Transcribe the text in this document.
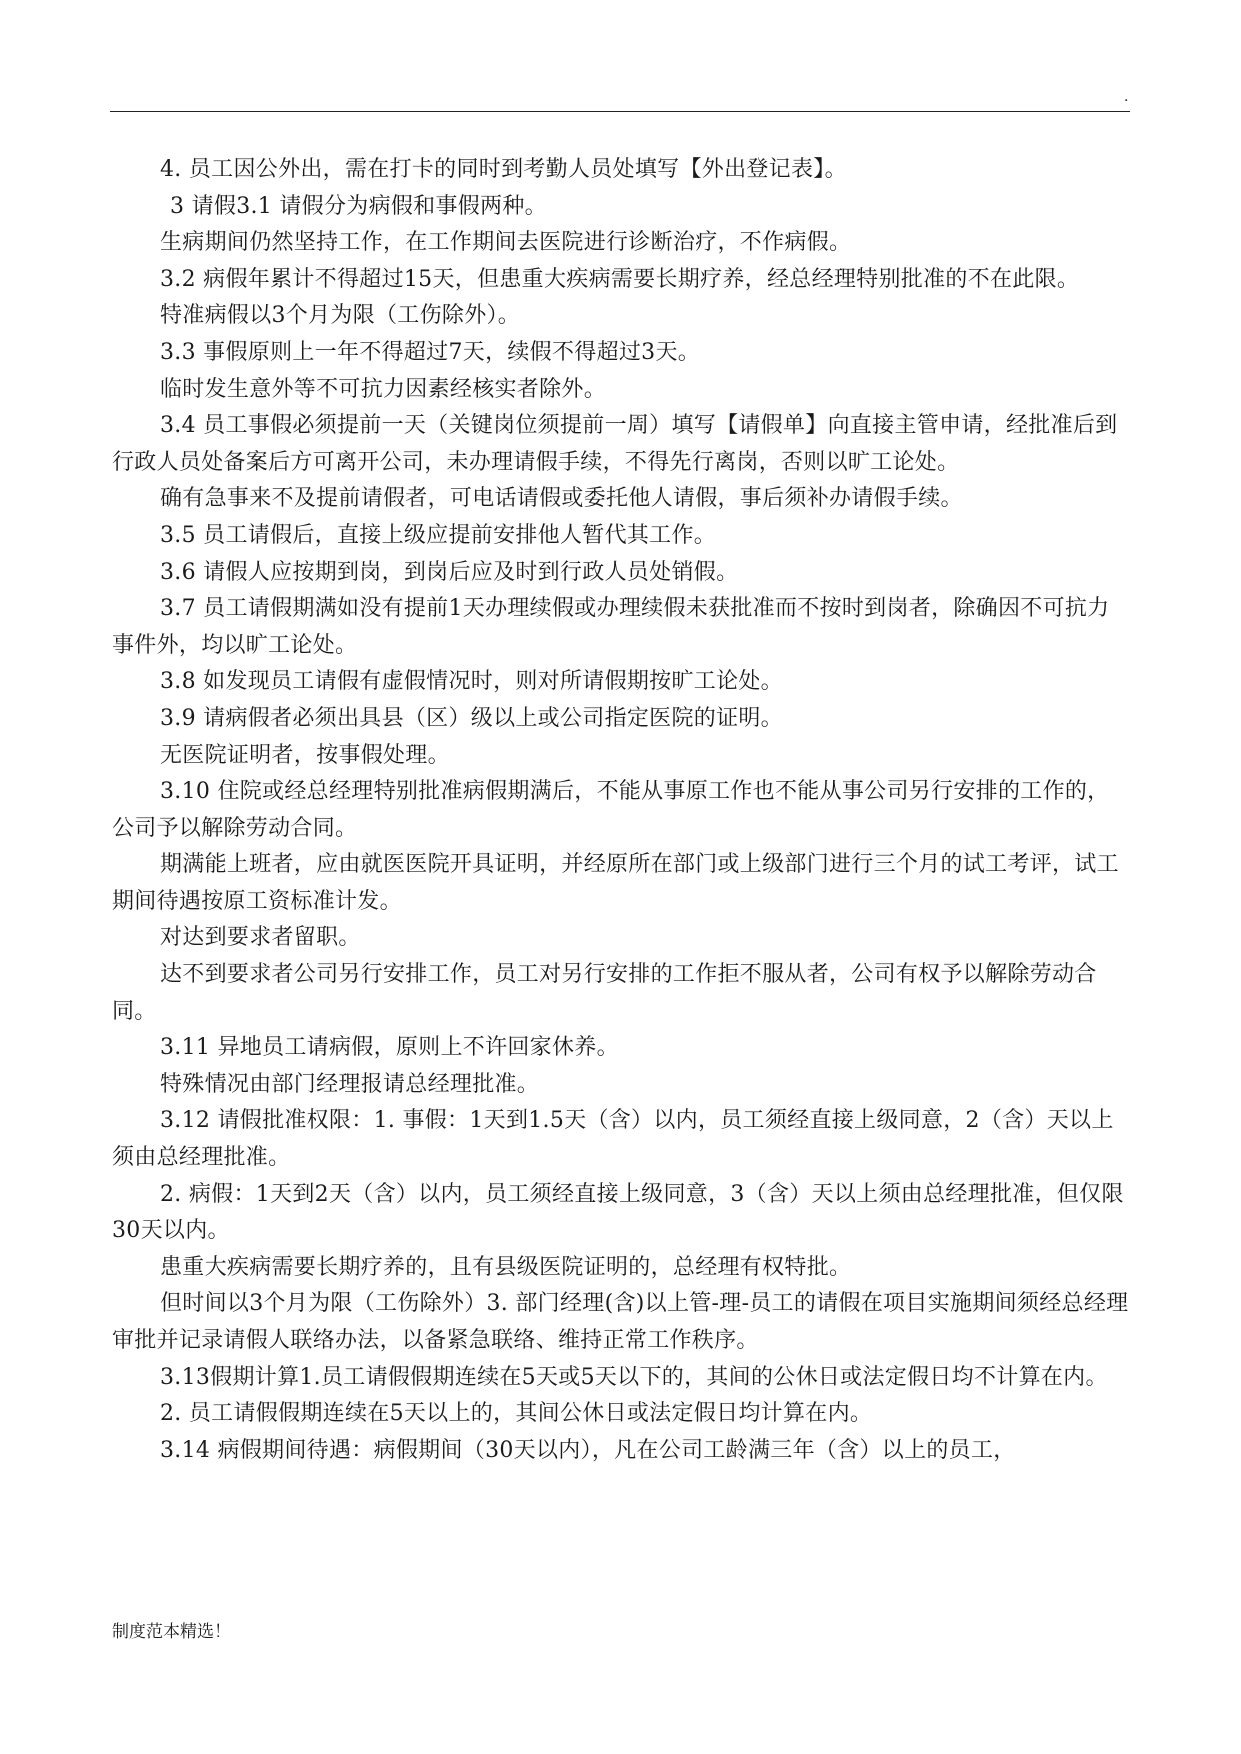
.

4. 员工因公外出，需在打卡的同时到考勤人员处填写【外出登记表】。

3 请假3.1 请假分为病假和事假两种。

生病期间仍然坚持工作，在工作期间去医院进行诊断治疗，不作病假。

3.2 病假年累计不得超过15天，但患重大疾病需要长期疗养，经总经理特别批准的不在此限。

特准病假以3个月为限（工伤除外）。

3.3 事假原则上一年不得超过7天，续假不得超过3天。

临时发生意外等不可抗力因素经核实者除外。

3.4 员工事假必须提前一天（关键岗位须提前一周）填写【请假单】向直接主管申请，经批准后到行政人员处备案后方可离开公司，未办理请假手续，不得先行离岗，否则以旷工论处。

确有急事来不及提前请假者，可电话请假或委托他人请假，事后须补办请假手续。

3.5 员工请假后，直接上级应提前安排他人暂代其工作。

3.6 请假人应按期到岗，到岗后应及时到行政人员处销假。

3.7 员工请假期满如没有提前1天办理续假或办理续假未获批准而不按时到岗者，除确因不可抗力事件外，均以旷工论处。

3.8 如发现员工请假有虚假情况时，则对所请假期按旷工论处。

3.9 请病假者必须出具县（区）级以上或公司指定医院的证明。

无医院证明者，按事假处理。

3.10 住院或经总经理特别批准病假期满后，不能从事原工作也不能从事公司另行安排的工作的，公司予以解除劳动合同。

期满能上班者，应由就医医院开具证明，并经原所在部门或上级部门进行三个月的试工考评，试工期间待遇按原工资标准计发。

对达到要求者留职。

达不到要求者公司另行安排工作，员工对另行安排的工作拒不服从者，公司有权予以解除劳动合同。

3.11 异地员工请病假，原则上不许回家休养。

特殊情况由部门经理报请总经理批准。

3.12 请假批准权限：1. 事假：1天到1.5天（含）以内，员工须经直接上级同意，2（含）天以上须由总经理批准。

2. 病假：1天到2天（含）以内，员工须经直接上级同意，3（含）天以上须由总经理批准，但仅限30天以内。

患重大疾病需要长期疗养的，且有县级医院证明的，总经理有权特批。

但时间以3个月为限（工伤除外）3. 部门经理(含)以上管-理-员工的请假在项目实施期间须经总经理审批并记录请假人联络办法，以备紧急联络、维持正常工作秩序。

3.13假期计算1.员工请假假期连续在5天或5天以下的，其间的公休日或法定假日均不计算在内。

2. 员工请假假期连续在5天以上的，其间公休日或法定假日均计算在内。

3.14 病假期间待遇：病假期间（30天以内），凡在公司工龄满三年（含）以上的员工，

制度范本精选！
